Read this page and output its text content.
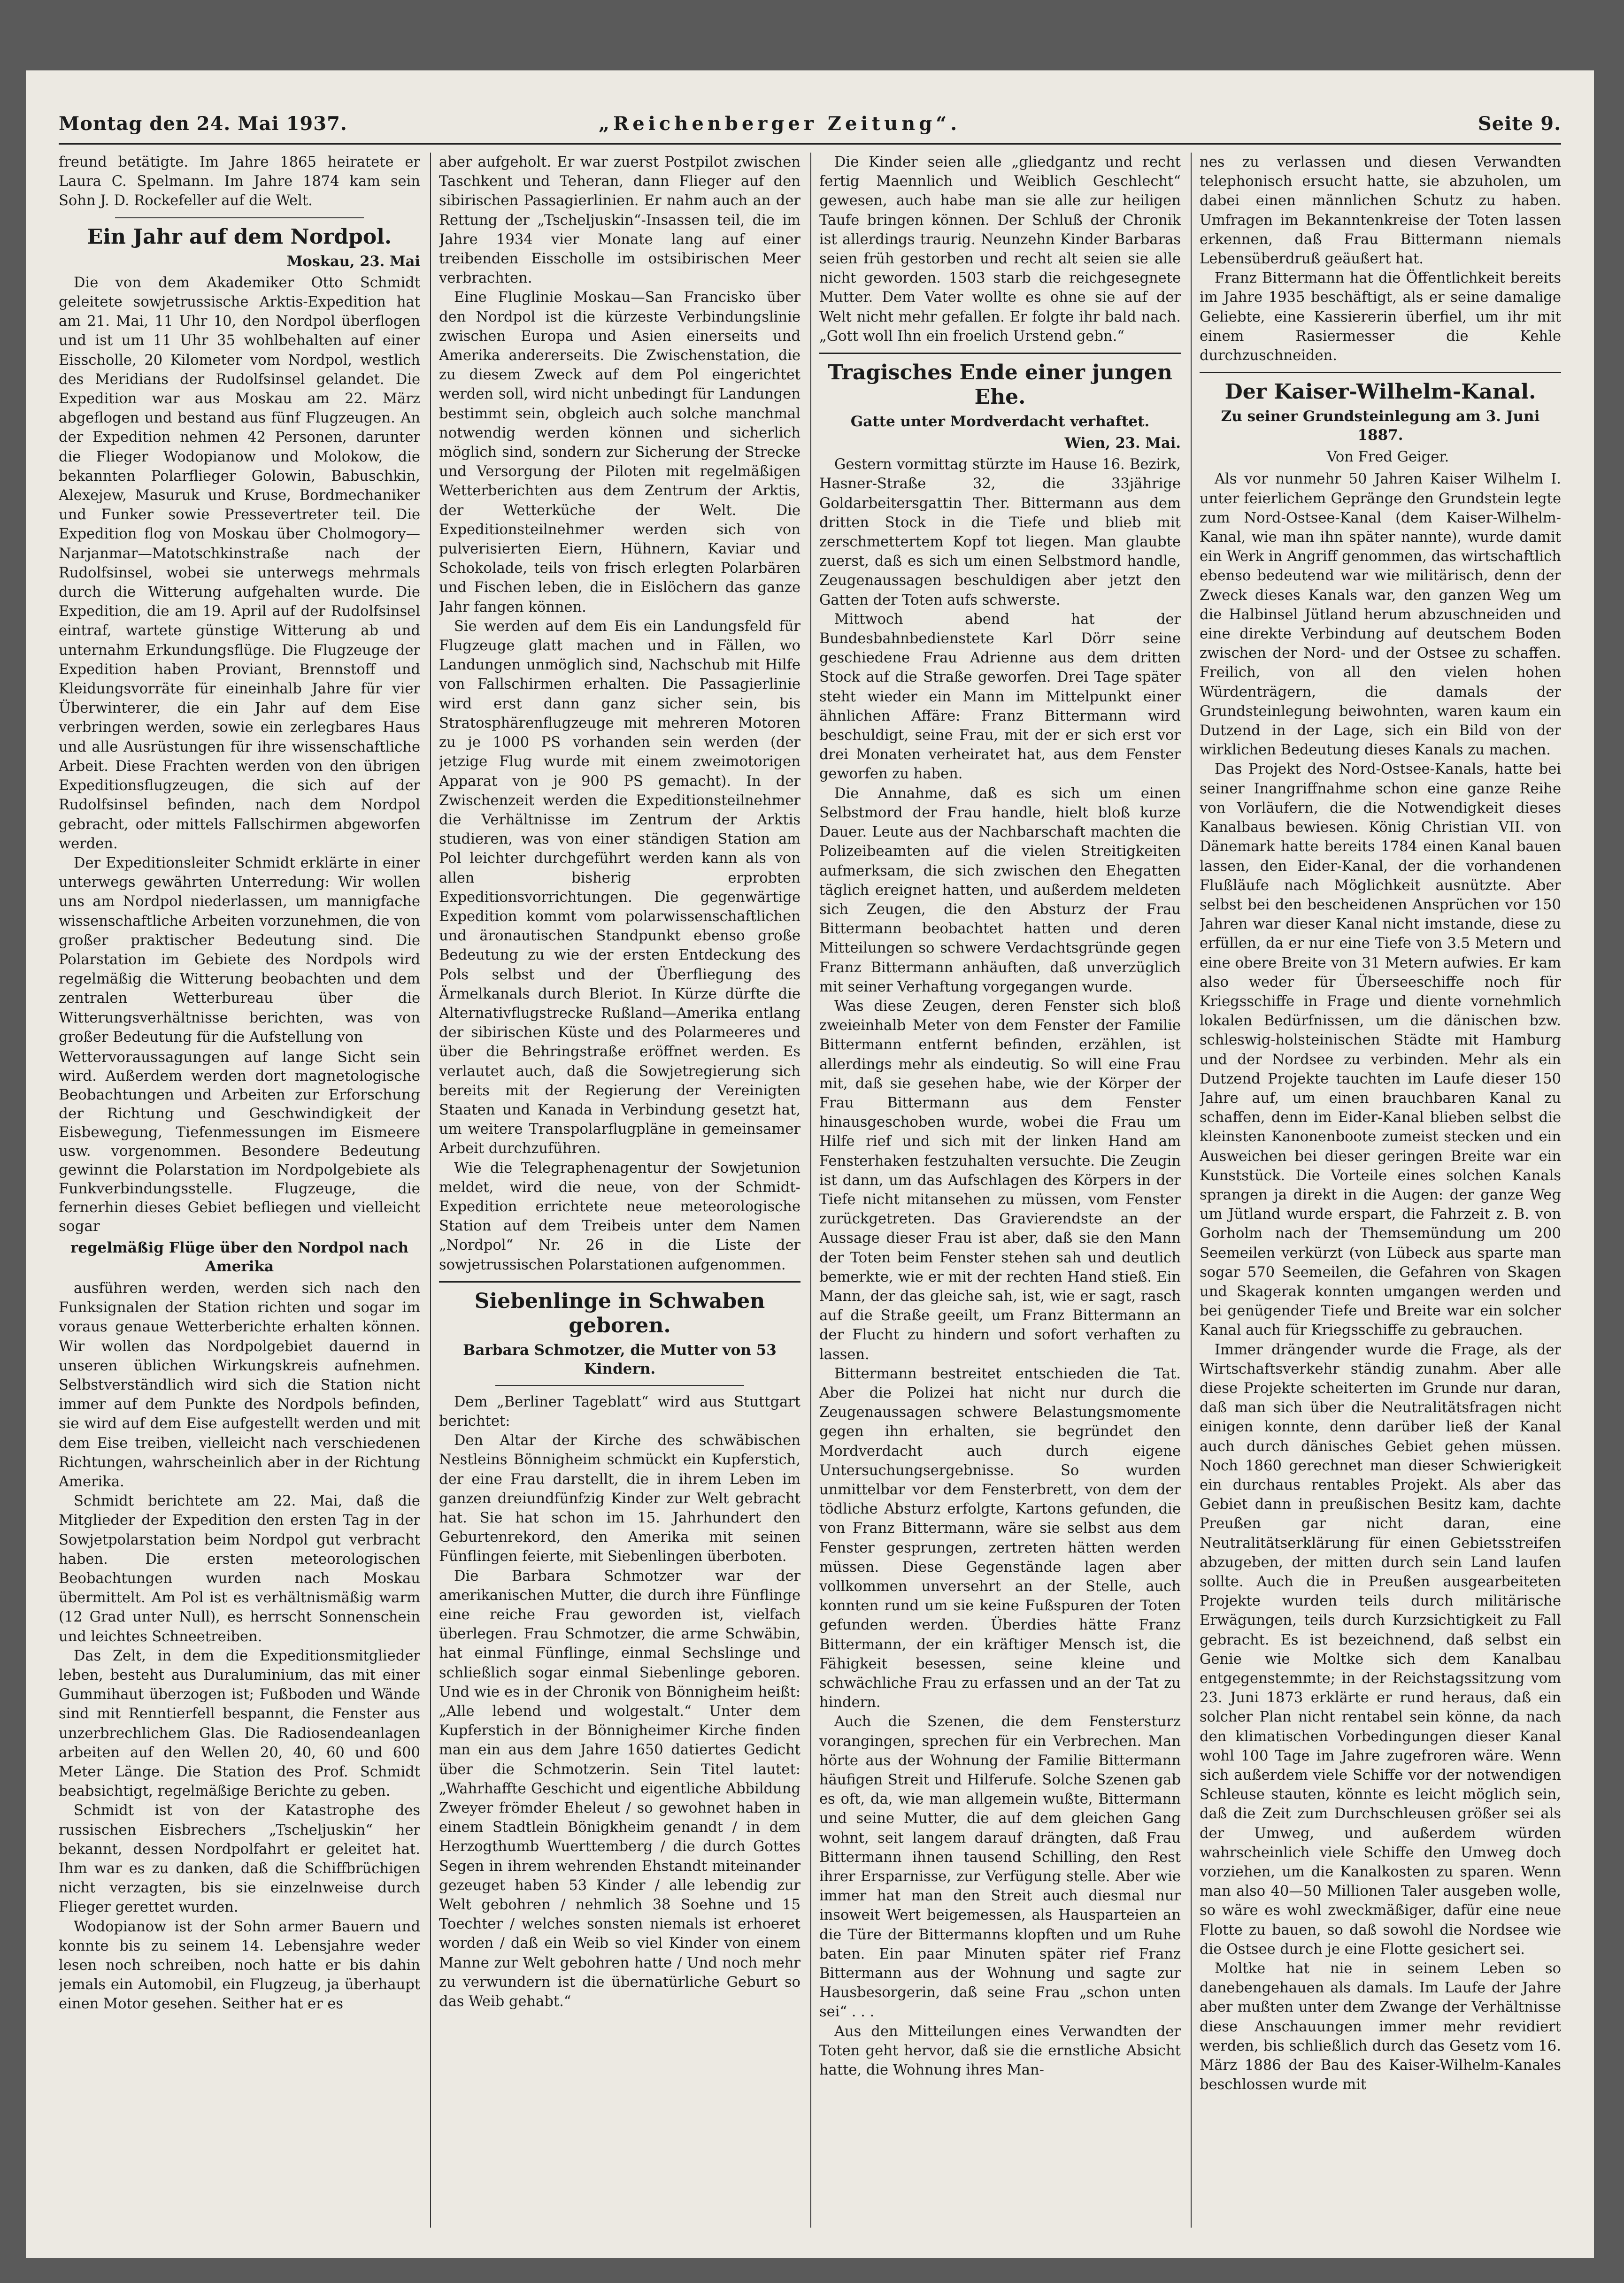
Montag den 24. Mai 1937.	„Reichenberger Zeitung“.	Seite 9.

freund betätigte. Im Jahre 1865 heiratete er Laura C. Spelmann. Im Jahre 1874 kam sein Sohn J. D. Rockefeller auf die Welt.

Ein Jahr auf dem Nordpol.

Moskau, 23. Mai

Die von dem Akademiker Otto Schmidt geleitete sowjetrussische Arktis-Expedition hat am 21. Mai, 11 Uhr 10, den Nordpol überflogen und ist um 11 Uhr 35 wohlbehalten auf einer Eisscholle, 20 Kilometer vom Nordpol, westlich des Meridians der Rudolfsinsel gelandet. Die Expedition war aus Moskau am 22. März abgeflogen und bestand aus fünf Flugzeugen. An der Expedition nehmen 42 Personen, darunter die Flieger Wodopianow und Molokow, die bekannten Polarflieger Golowin, Babuschkin, Alexejew, Masuruk und Kruse, Bordmechaniker und Funker sowie Pressevertreter teil. Die Expedition flog von Moskau über Cholmogory—Narjanmar—Matotschkinstraße nach der Rudolfsinsel, wobei sie unterwegs mehrmals durch die Witterung aufgehalten wurde. Die Expedition, die am 19. April auf der Rudolfsinsel eintraf, wartete günstige Witterung ab und unternahm Erkundungsflüge. Die Flugzeuge der Expedition haben Proviant, Brennstoff und Kleidungsvorräte für eineinhalb Jahre für vier Überwinterer, die ein Jahr auf dem Eise verbringen werden, sowie ein zerlegbares Haus und alle Ausrüstungen für ihre wissenschaftliche Arbeit. Diese Frachten werden von den übrigen Expeditionsflugzeugen, die sich auf der Rudolfsinsel befinden, nach dem Nordpol gebracht, oder mittels Fallschirmen abgeworfen werden.

Der Expeditionsleiter Schmidt erklärte in einer unterwegs gewährten Unterredung: Wir wollen uns am Nordpol niederlassen, um mannigfache wissenschaftliche Arbeiten vorzunehmen, die von großer praktischer Bedeutung sind. Die Polarstation im Gebiete des Nordpols wird regelmäßig die Witterung beobachten und dem zentralen Wetterbureau über die Witterungsverhältnisse berichten, was von großer Bedeutung für die Aufstellung von

Wettervoraussagungen auf lange Sicht sein wird. Außerdem werden dort magnetologische Beobachtungen und Arbeiten zur Erforschung der Richtung und Geschwindigkeit der Eisbewegung, Tiefenmessungen im Eismeere usw. vorgenommen. Besondere Bedeutung gewinnt die Polarstation im Nordpolgebiete als Funkverbindungsstelle. Flugzeuge, die fernerhin dieses Gebiet befliegen und vielleicht sogar
regelmäßig Flüge über den Nordpol nach Amerika

ausführen werden, werden sich nach den Funksignalen der Station richten und sogar im voraus genaue Wetterberichte erhalten können. Wir wollen das Nordpolgebiet dauernd in unseren üblichen Wirkungskreis aufnehmen. Selbstverständlich wird sich die Station nicht immer auf dem Punkte des Nordpols befinden, sie wird auf dem Eise aufgestellt werden und mit dem Eise treiben, vielleicht nach verschiedenen Richtungen, wahrscheinlich aber in der Richtung Amerika.

Schmidt berichtete am 22. Mai, daß die Mitglieder der Expedition den ersten Tag in der Sowjetpolarstation beim Nordpol gut verbracht haben. Die ersten meteorologischen Beobachtungen wurden nach Moskau übermittelt. Am Pol ist es verhältnismäßig warm (12 Grad unter Null), es herrscht Sonnenschein und leichtes Schneetreiben.

Das Zelt, in dem die Expeditionsmitglieder leben, besteht aus Duraluminium, das mit einer Gummihaut überzogen ist; Fußboden und Wände sind mit Renntierfell bespannt, die Fenster aus unzerbrechlichem Glas. Die Radiosendeanlagen arbeiten auf den Wellen 20, 40, 60 und 600 Meter Länge. Die Station des Prof. Schmidt beabsichtigt, regelmäßige Berichte zu geben.

Schmidt ist von der Katastrophe des russischen Eisbrechers „Tscheljuskin“ her bekannt, dessen Nordpolfahrt er geleitet hat. Ihm war es zu danken, daß die Schiffbrüchigen nicht verzagten, bis sie einzelnweise durch Flieger gerettet wurden.

Wodopianow ist der Sohn armer Bauern und konnte bis zu seinem 14. Lebensjahre weder lesen noch schreiben, noch hatte er bis dahin jemals ein Automobil, ein Flugzeug, ja überhaupt einen Motor gesehen. Seither hat er es

aber aufgeholt. Er war zuerst Postpilot zwischen Taschkent und Teheran, dann Flieger auf den sibirischen Passagierlinien. Er nahm auch an der Rettung der „Tscheljuskin“-Insassen teil, die im Jahre 1934 vier Monate lang auf einer treibenden Eisscholle im ostsibirischen Meer verbrachten.

Eine Fluglinie Moskau—San Francisko über den Nordpol ist die kürzeste Verbindungslinie zwischen Europa und Asien einerseits und Amerika andererseits. Die Zwischenstation, die zu diesem Zweck auf dem Pol eingerichtet werden soll, wird nicht unbedingt für Landungen bestimmt sein, obgleich auch solche manchmal notwendig werden können und sicherlich möglich sind, sondern zur Sicherung der Strecke und Versorgung der Piloten mit regelmäßigen Wetterberichten aus dem Zentrum der Arktis, der Wetterküche der Welt. Die Expeditionsteilnehmer werden sich von pulverisierten Eiern, Hühnern, Kaviar und Schokolade, teils von frisch erlegten Polarbären und Fischen leben, die in Eislöchern das ganze Jahr fangen können.

Sie werden auf dem Eis ein Landungsfeld für Flugzeuge glatt machen und in Fällen, wo Landungen unmöglich sind, Nachschub mit Hilfe von Fallschirmen erhalten. Die Passagierlinie wird erst dann ganz sicher sein, bis Stratosphärenflugzeuge mit mehreren Motoren zu je 1000 PS vorhanden sein werden (der jetzige Flug wurde mit einem zweimotorigen Apparat von je 900 PS gemacht). In der Zwischenzeit werden die Expeditionsteilnehmer die Verhältnisse im Zentrum der Arktis studieren, was von einer ständigen Station am Pol leichter durchgeführt werden kann als von allen bisherig erprobten Expeditionsvorrichtungen. Die gegenwärtige Expedition kommt vom polarwissenschaftlichen und äronautischen Standpunkt ebenso große Bedeutung zu wie der ersten Entdeckung des Pols selbst und der Überfliegung des Ärmelkanals durch Bleriot. In Kürze dürfte die Alternativflugstrecke Rußland—Amerika entlang der sibirischen Küste und des Polarmeeres und über die Behringstraße eröffnet werden. Es verlautet auch, daß die Sowjetregierung sich bereits mit der Regierung der Vereinigten Staaten und Kanada in Verbindung gesetzt hat, um weitere Transpolarflugpläne in gemeinsamer Arbeit durchzuführen.

Wie die Telegraphenagentur der Sowjetunion meldet, wird die neue, von der Schmidt-Expedition errichtete neue meteorologische Station auf dem Treibeis unter dem Namen „Nordpol“ Nr. 26 in die Liste der sowjetrussischen Polarstationen aufgenommen.

Siebenlinge in Schwaben geboren.
Barbara Schmotzer, die Mutter von 53 Kindern.

Dem „Berliner Tageblatt“ wird aus Stuttgart berichtet:

Den Altar der Kirche des schwäbischen Nestleins Bönnigheim schmückt ein Kupferstich, der eine Frau darstellt, die in ihrem Leben im ganzen dreiundfünfzig Kinder zur Welt gebracht hat. Sie hat schon im 15. Jahrhundert den Geburtenrekord, den Amerika mit seinen Fünflingen feierte, mit Siebenlingen überboten.

Die Barbara Schmotzer war der amerikanischen Mutter, die durch ihre Fünflinge eine reiche Frau geworden ist, vielfach überlegen. Frau Schmotzer, die arme Schwäbin, hat einmal Fünflinge, einmal Sechslinge und schließlich sogar einmal Siebenlinge geboren. Und wie es in der Chronik von Bönnigheim heißt: „Alle lebend und wolgestalt.“ Unter dem Kupferstich in der Bönnigheimer Kirche finden man ein aus dem Jahre 1650 datiertes Gedicht über die Schmotzerin. Sein Titel lautet: „Wahrhaffte Geschicht und eigentliche Abbildung Zweyer frömder Eheleut / so gewohnet haben in einem Stadtlein Bönigkheim genandt / in dem Herzogthumb Wuerttemberg / die durch Gottes Segen in ihrem wehrenden Ehstandt miteinander gezeuget haben 53 Kinder / alle lebendig zur Welt gebohren / nehmlich 38 Soehne und 15 Toechter / welches sonsten niemals ist erhoeret worden / daß ein Weib so viel Kinder von einem Manne zur Welt gebohren hatte / Und noch mehr zu verwundern ist die übernatürliche Geburt so das Weib gehabt.“

Die Kinder seien alle „gliedgantz und recht fertig Maennlich und Weiblich Geschlecht“ gewesen, auch habe man sie alle zur heiligen Taufe bringen können. Der Schluß der Chronik ist allerdings traurig. Neunzehn Kinder Barbaras seien früh gestorben und recht alt seien sie alle nicht geworden. 1503 starb die reichgesegnete Mutter. Dem Vater wollte es ohne sie auf der Welt nicht mehr gefallen. Er folgte ihr bald nach. „Gott woll Ihn ein froelich Urstend gebn.“

Tragisches Ende einer jungen Ehe.
Gatte unter Mordverdacht verhaftet.

Wien, 23. Mai.

Gestern vormittag stürzte im Hause 16. Bezirk, Hasner-Straße 32, die 33jährige Goldarbeitersgattin Ther. Bittermann aus dem dritten Stock in die Tiefe und blieb mit zerschmettertem Kopf tot liegen. Man glaubte zuerst, daß es sich um einen Selbstmord handle, Zeugenaussagen beschuldigen aber jetzt den Gatten der Toten aufs schwerste.

Mittwoch abend hat der Bundesbahnbedienstete Karl Dörr seine geschiedene Frau Adrienne aus dem dritten Stock auf die Straße geworfen. Drei Tage später steht wieder ein Mann im Mittelpunkt einer ähnlichen Affäre: Franz Bittermann wird beschuldigt, seine Frau, mit der er sich erst vor drei Monaten verheiratet hat, aus dem Fenster geworfen zu haben.

Die Annahme, daß es sich um einen Selbstmord der Frau handle, hielt bloß kurze Dauer. Leute aus der Nachbarschaft machten die Polizeibeamten auf die vielen Streitigkeiten aufmerksam, die sich zwischen den Ehegatten täglich ereignet hatten, und außerdem meldeten sich Zeugen, die den Absturz der Frau Bittermann beobachtet hatten und deren Mitteilungen so schwere Verdachtsgründe gegen Franz Bittermann anhäuften, daß unverzüglich mit seiner Verhaftung vorgegangen wurde.

Was diese Zeugen, deren Fenster sich bloß zweieinhalb Meter von dem Fenster der Familie Bittermann entfernt befinden, erzählen, ist allerdings mehr als eindeutig. So will eine Frau mit, daß sie gesehen habe, wie der Körper der Frau Bittermann aus dem Fenster hinausgeschoben wurde, wobei die Frau um Hilfe rief und sich mit der linken Hand am Fensterhaken festzuhalten versuchte. Die Zeugin ist dann, um das Aufschlagen des Körpers in der Tiefe nicht mitansehen zu müssen, vom Fenster zurückgetreten. Das Gravierendste an der Aussage dieser Frau ist aber, daß sie den Mann der Toten beim Fenster stehen sah und deutlich bemerkte, wie er mit der rechten Hand stieß. Ein Mann, der das gleiche sah, ist, wie er sagt, rasch auf die Straße geeilt, um Franz Bittermann an der Flucht zu hindern und sofort verhaften zu lassen.

Bittermann bestreitet entschieden die Tat. Aber die Polizei hat nicht nur durch die Zeugenaussagen schwere Belastungsmomente gegen ihn erhalten, sie begründet den Mordverdacht auch durch eigene Untersuchungsergebnisse. So wurden unmittelbar vor dem Fensterbrett, von dem der tödliche Absturz erfolgte, Kartons gefunden, die von Franz Bittermann, wäre sie selbst aus dem Fenster gesprungen, zertreten hätten werden müssen. Diese Gegenstände lagen aber vollkommen unversehrt an der Stelle, auch konnten rund um sie keine Fußspuren der Toten gefunden werden. Überdies hätte Franz Bittermann, der ein kräftiger Mensch ist, die Fähigkeit besessen, seine kleine und schwächliche Frau zu erfassen und an der Tat zu hindern.

Auch die Szenen, die dem Fenstersturz vorangingen, sprechen für ein Verbrechen. Man hörte aus der Wohnung der Familie Bittermann häufigen Streit und Hilferufe. Solche Szenen gab es oft, da, wie man allgemein wußte, Bittermann und seine Mutter, die auf dem gleichen Gang wohnt, seit langem darauf drängten, daß Frau Bittermann ihnen tausend Schilling, den Rest ihrer Ersparnisse, zur Verfügung stelle. Aber wie immer hat man den Streit auch diesmal nur insoweit Wert beigemessen, als Hausparteien an die Türe der Bittermanns klopften und um Ruhe baten. Ein paar Minuten später rief Franz Bittermann aus der Wohnung und sagte zur Hausbesorgerin, daß seine Frau „schon unten sei“ . . .

Aus den Mitteilungen eines Verwandten der Toten geht hervor, daß sie die ernstliche Absicht hatte, die Wohnung ihres Man-

nes zu verlassen und diesen Verwandten telephonisch ersucht hatte, sie abzuholen, um dabei einen männlichen Schutz zu haben. Umfragen im Bekanntenkreise der Toten lassen erkennen, daß Frau Bittermann niemals Lebensüberdruß geäußert hat.

Franz Bittermann hat die Öffentlichkeit bereits im Jahre 1935 beschäftigt, als er seine damalige Geliebte, eine Kassiererin überfiel, um ihr mit einem Rasiermesser die Kehle durchzuschneiden.

Der Kaiser-Wilhelm-Kanal.
Zu seiner Grundsteinlegung am 3. Juni 1887.

Von Fred Geiger.

Als vor nunmehr 50 Jahren Kaiser Wilhelm I. unter feierlichem Gepränge den Grundstein legte zum Nord-Ostsee-Kanal (dem Kaiser-Wilhelm-Kanal, wie man ihn später nannte), wurde damit ein Werk in Angriff genommen, das wirtschaftlich ebenso bedeutend war wie militärisch, denn der Zweck dieses Kanals war, den ganzen Weg um die Halbinsel Jütland herum abzuschneiden und eine direkte Verbindung auf deutschem Boden zwischen der Nord- und der Ostsee zu schaffen. Freilich, von all den vielen hohen Würdenträgern, die damals der Grundsteinlegung beiwohnten, waren kaum ein Dutzend in der Lage, sich ein Bild von der wirklichen Bedeutung dieses Kanals zu machen.

Das Projekt des Nord-Ostsee-Kanals, hatte bei seiner Inangriffnahme schon eine ganze Reihe von Vorläufern, die die Notwendigkeit dieses Kanalbaus bewiesen. König Christian VII. von Dänemark hatte bereits 1784 einen Kanal bauen lassen, den Eider-Kanal, der die vorhandenen Flußläufe nach Möglichkeit ausnützte. Aber selbst bei den bescheidenen Ansprüchen vor 150 Jahren war dieser Kanal nicht imstande, diese zu erfüllen, da er nur eine Tiefe von 3.5 Metern und eine obere Breite von 31 Metern aufwies. Er kam also weder für Überseeschiffe noch für Kriegsschiffe in Frage und diente vornehmlich lokalen Bedürfnissen, um die dänischen bzw. schleswig-holsteinischen Städte mit Hamburg und der Nordsee zu verbinden. Mehr als ein Dutzend Projekte tauchten im Laufe dieser 150 Jahre auf, um einen brauchbaren Kanal zu schaffen, denn im Eider-Kanal blieben selbst die kleinsten Kanonenboote zumeist stecken und ein Ausweichen bei dieser geringen Breite war ein Kunststück. Die Vorteile eines solchen Kanals sprangen ja direkt in die Augen: der ganze Weg um Jütland wurde erspart, die Fahrzeit z. B. von Gorholm nach der Themsemündung um 200 Seemeilen verkürzt (von Lübeck aus sparte man sogar 570 Seemeilen, die Gefahren von Skagen und Skagerak konnten umgangen werden und bei genügender Tiefe und Breite war ein solcher Kanal auch für Kriegsschiffe zu gebrauchen.

Immer drängender wurde die Frage, als der Wirtschaftsverkehr ständig zunahm. Aber alle diese Projekte scheiterten im Grunde nur daran, daß man sich über die Neutralitätsfragen nicht einigen konnte, denn darüber ließ der Kanal auch durch dänisches Gebiet gehen müssen. Noch 1860 gerechnet man dieser Schwierigkeit ein durchaus rentables Projekt. Als aber das Gebiet dann in preußischen Besitz kam, dachte Preußen gar nicht daran, eine Neutralitätserklärung für einen Gebietsstreifen abzugeben, der mitten durch sein Land laufen sollte. Auch die in Preußen ausgearbeiteten Projekte wurden teils durch militärische Erwägungen, teils durch Kurzsichtigkeit zu Fall gebracht. Es ist bezeichnend, daß selbst ein Genie wie Moltke sich dem Kanalbau entgegenstemmte; in der Reichstagssitzung vom 23. Juni 1873 erklärte er rund heraus, daß ein solcher Plan nicht rentabel sein könne, da nach den klimatischen Vorbedingungen dieser Kanal wohl 100 Tage im Jahre zugefroren wäre. Wenn sich außerdem viele Schiffe vor der notwendigen Schleuse stauten, könnte es leicht möglich sein, daß die Zeit zum Durchschleusen größer sei als der Umweg, und außerdem würden wahrscheinlich viele Schiffe den Umweg doch vorziehen, um die Kanalkosten zu sparen. Wenn man also 40—50 Millionen Taler ausgeben wolle, so wäre es wohl zweckmäßiger, dafür eine neue Flotte zu bauen, so daß sowohl die Nordsee wie die Ostsee durch je eine Flotte gesichert sei.

Moltke hat nie in seinem Leben so danebengehauen als damals. Im Laufe der Jahre aber mußten unter dem Zwange der Verhältnisse diese Anschauungen immer mehr revidiert werden, bis schließlich durch das Gesetz vom 16. März 1886 der Bau des Kaiser-Wilhelm-Kanales beschlossen wurde mit
